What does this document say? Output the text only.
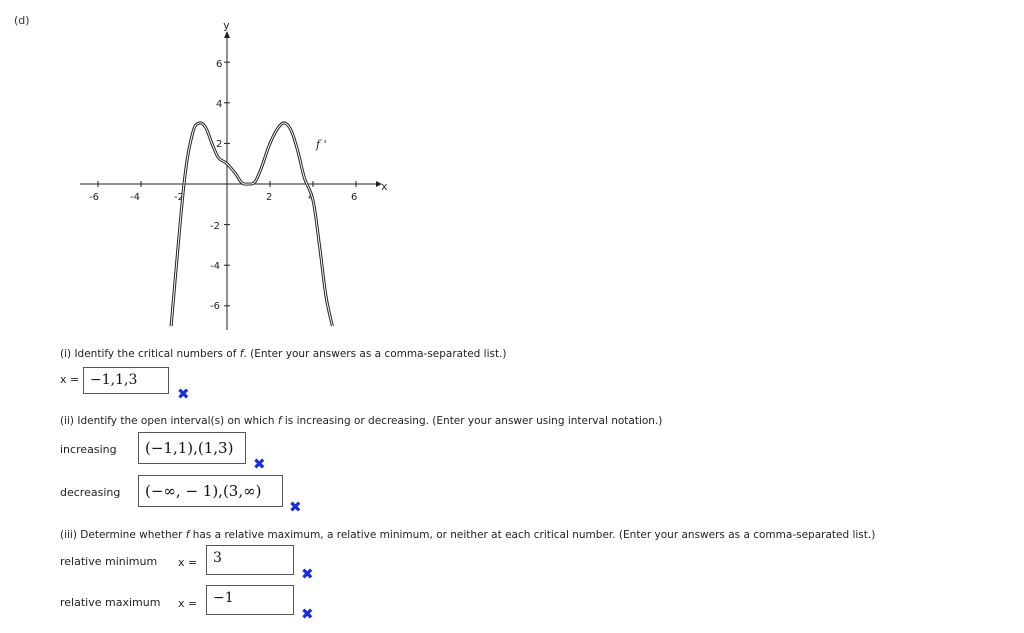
(d)	y
x
-6	-4	-2	2	4	6
6
4
2
-2
-4
-6
f '
(i) Identify the critical numbers of f. (Enter your answers as a comma-separated list.)
x = −1,1,3
✖
(ii) Identify the open interval(s) on which f is increasing or decreasing. (Enter your answer using interval notation.)
increasing	(−1,1),(1,3)
✖
decreasing	(−∞, − 1),(3,∞)
✖
(iii) Determine whether f has a relative maximum, a relative minimum, or neither at each critical number. (Enter your answers as a comma-separated list.)
relative minimum x =	3
✖
relative maximum x =	−1
✖
